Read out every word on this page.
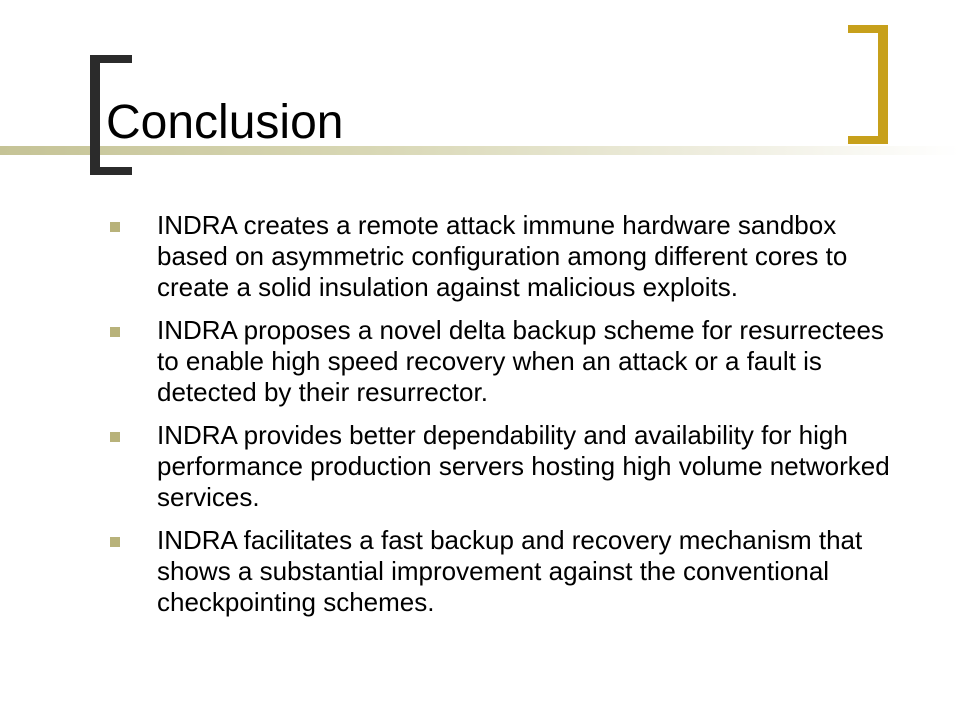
Conclusion
INDRA creates a remote attack immune hardware sandbox based on asymmetric configuration among different cores to create a solid insulation against malicious exploits.
INDRA proposes a novel delta backup scheme for resurrectees to enable high speed recovery when an attack or a fault is detected by their resurrector.
INDRA provides better dependability and availability for high performance production servers hosting high volume networked services.
INDRA facilitates a fast backup and recovery mechanism that shows a substantial improvement against the conventional checkpointing schemes.
